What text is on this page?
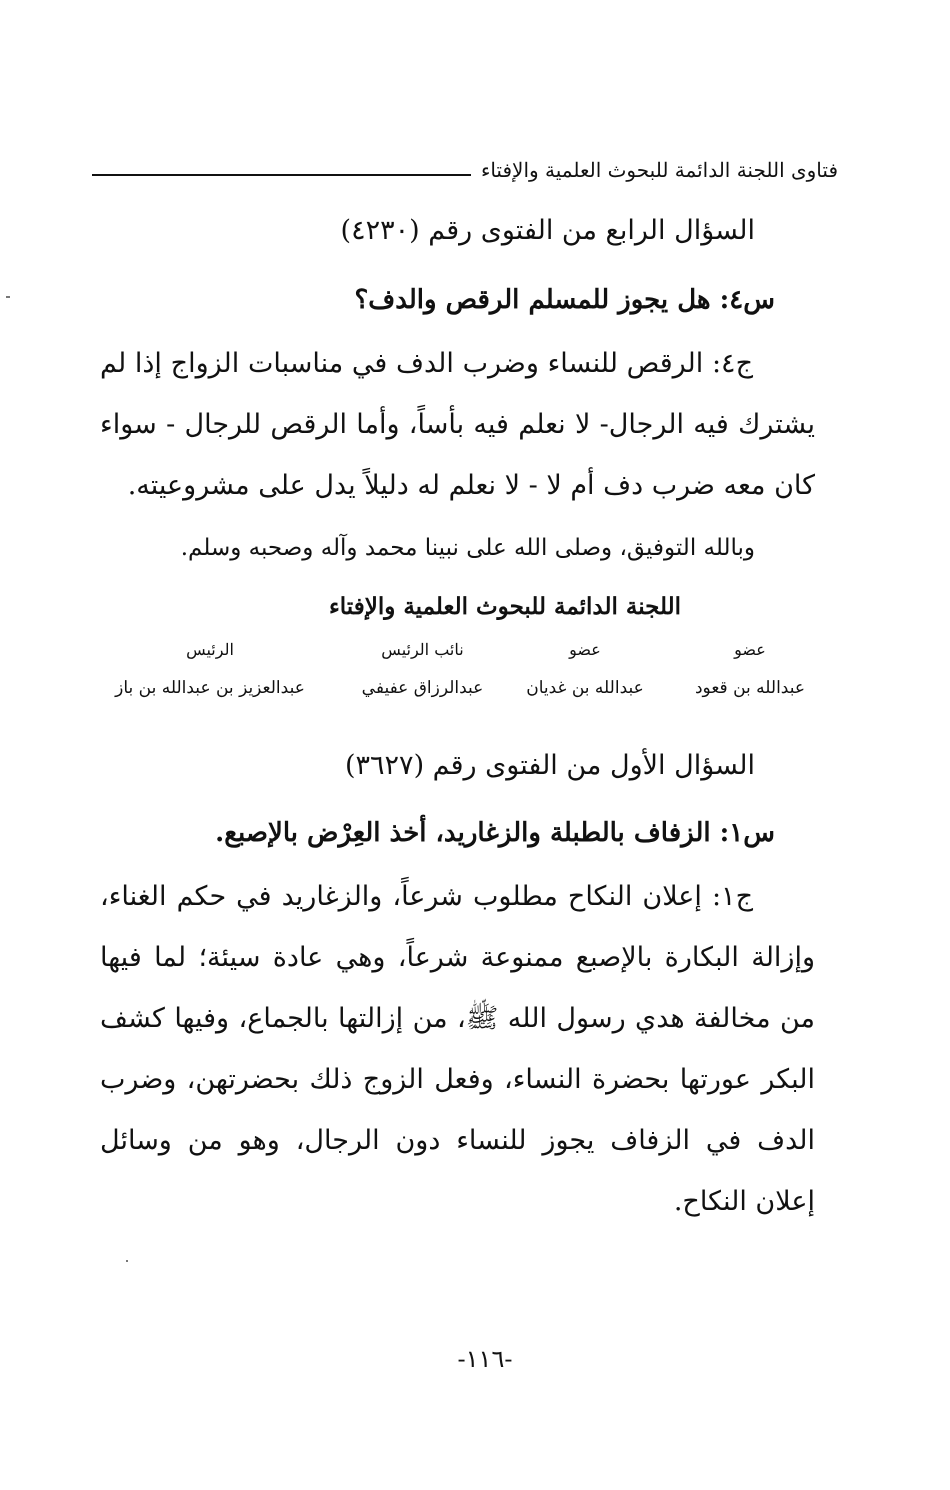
فتاوى اللجنة الدائمة للبحوث العلمية والإفتاء
السؤال الرابع من الفتوى رقم (٤٢٣٠)
س٤: هل يجوز للمسلم الرقص والدف؟
ج٤: الرقص للنساء وضرب الدف في مناسبات الزواج إذا لم يشترك فيه الرجال- لا نعلم فيه بأساً، وأما الرقص للرجال - سواء كان معه ضرب دف أم لا - لا نعلم له دليلاً يدل على مشروعيته.
وبالله التوفيق، وصلى الله على نبينا محمد وآله وصحبه وسلم.
اللجنة الدائمة للبحوث العلمية والإفتاء
عضو
عبدالله بن قعود
عضو
عبدالله بن غديان
نائب الرئيس
عبدالرزاق عفيفي
الرئيس
عبدالعزيز بن عبدالله بن باز
السؤال الأول من الفتوى رقم (٣٦٢٧)
س١: الزفاف بالطبلة والزغاريد، أخذ العِرْض بالإصبع.
ج١: إعلان النكاح مطلوب شرعاً، والزغاريد في حكم الغناء، وإزالة البكارة بالإصبع ممنوعة شرعاً، وهي عادة سيئة؛ لما فيها من مخالفة هدي رسول الله ﷺ، من إزالتها بالجماع، وفيها كشف البكر عورتها بحضرة النساء، وفعل الزوج ذلك بحضرتهن، وضرب الدف في الزفاف يجوز للنساء دون الرجال، وهو من وسائل إعلان النكاح.
-١١٦-
